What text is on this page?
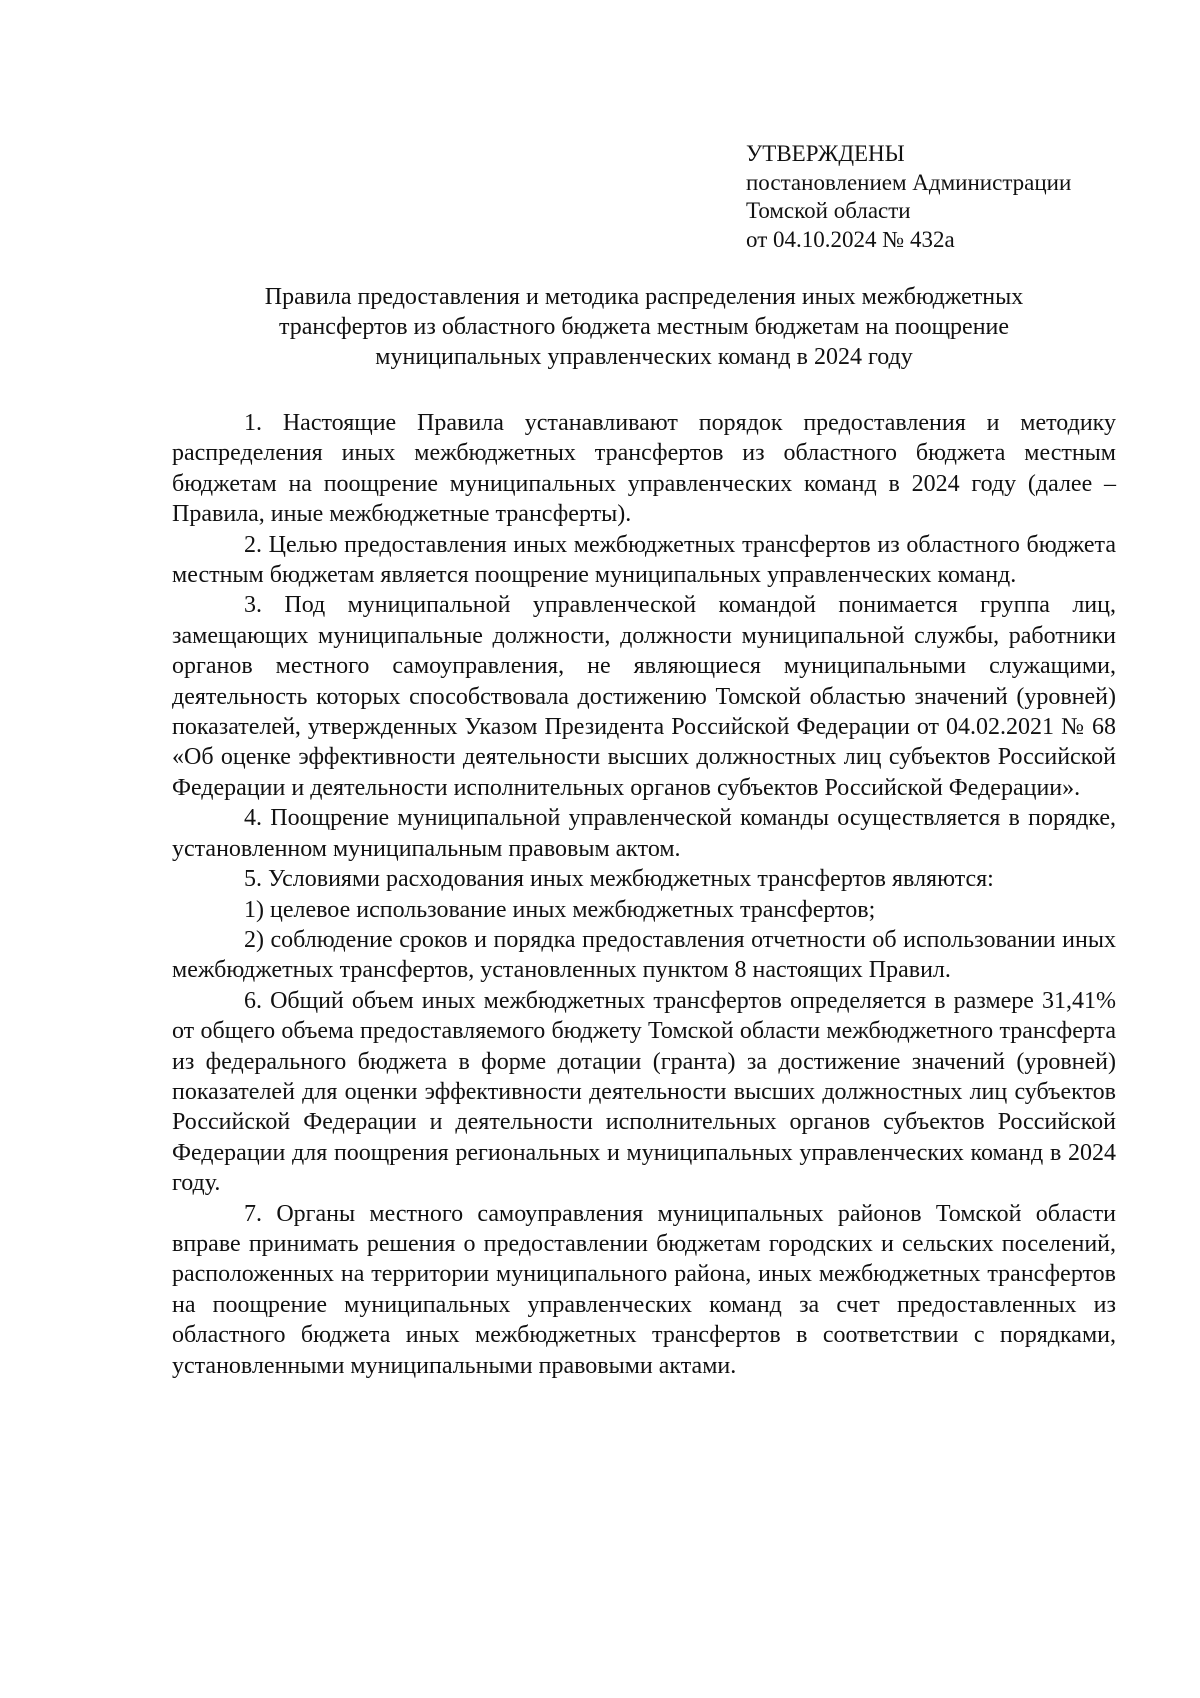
УТВЕРЖДЕНЫ
постановлением Администрации
Томской области
от 04.10.2024 № 432а
Правила предоставления и методика распределения иных межбюджетных
трансфертов из областного бюджета местным бюджетам на поощрение
муниципальных управленческих команд в 2024 году

1. Настоящие Правила устанавливают порядок предоставления и методику распределения иных межбюджетных трансфертов из областного бюджета местным бюджетам на поощрение муниципальных управленческих команд в 2024 году (далее – Правила, иные межбюджетные трансферты).

2. Целью предоставления иных межбюджетных трансфертов из областного бюджета местным бюджетам является поощрение муниципальных управленческих команд.

3. Под муниципальной управленческой командой понимается группа лиц, замещающих муниципальные должности, должности муниципальной службы, работники органов местного самоуправления, не являющиеся муниципальными служащими, деятельность которых способствовала достижению Томской областью значений (уровней) показателей, утвержденных Указом Президента Российской Федерации от 04.02.2021 № 68 «Об оценке эффективности деятельности высших должностных лиц субъектов Российской Федерации и деятельности исполнительных органов субъектов Российской Федерации».

4. Поощрение муниципальной управленческой команды осуществляется в порядке, установленном муниципальным правовым актом.

5. Условиями расходования иных межбюджетных трансфертов являются:

1) целевое использование иных межбюджетных трансфертов;

2) соблюдение сроков и порядка предоставления отчетности об использовании иных межбюджетных трансфертов, установленных пунктом 8 настоящих Правил.

6. Общий объем иных межбюджетных трансфертов определяется в размере 31,41% от общего объема предоставляемого бюджету Томской области межбюджетного трансферта из федерального бюджета в форме дотации (гранта) за достижение значений (уровней) показателей для оценки эффективности деятельности высших должностных лиц субъектов Российской Федерации и деятельности исполнительных органов субъектов Российской Федерации для поощрения региональных и муниципальных управленческих команд в 2024 году.

7. Органы местного самоуправления муниципальных районов Томской области вправе принимать решения о предоставлении бюджетам городских и сельских поселений, расположенных на территории муниципального района, иных межбюджетных трансфертов на поощрение муниципальных управленческих команд за счет предоставленных из областного бюджета иных межбюджетных трансфертов в соответствии с порядками, установленными муниципальными правовыми актами.
